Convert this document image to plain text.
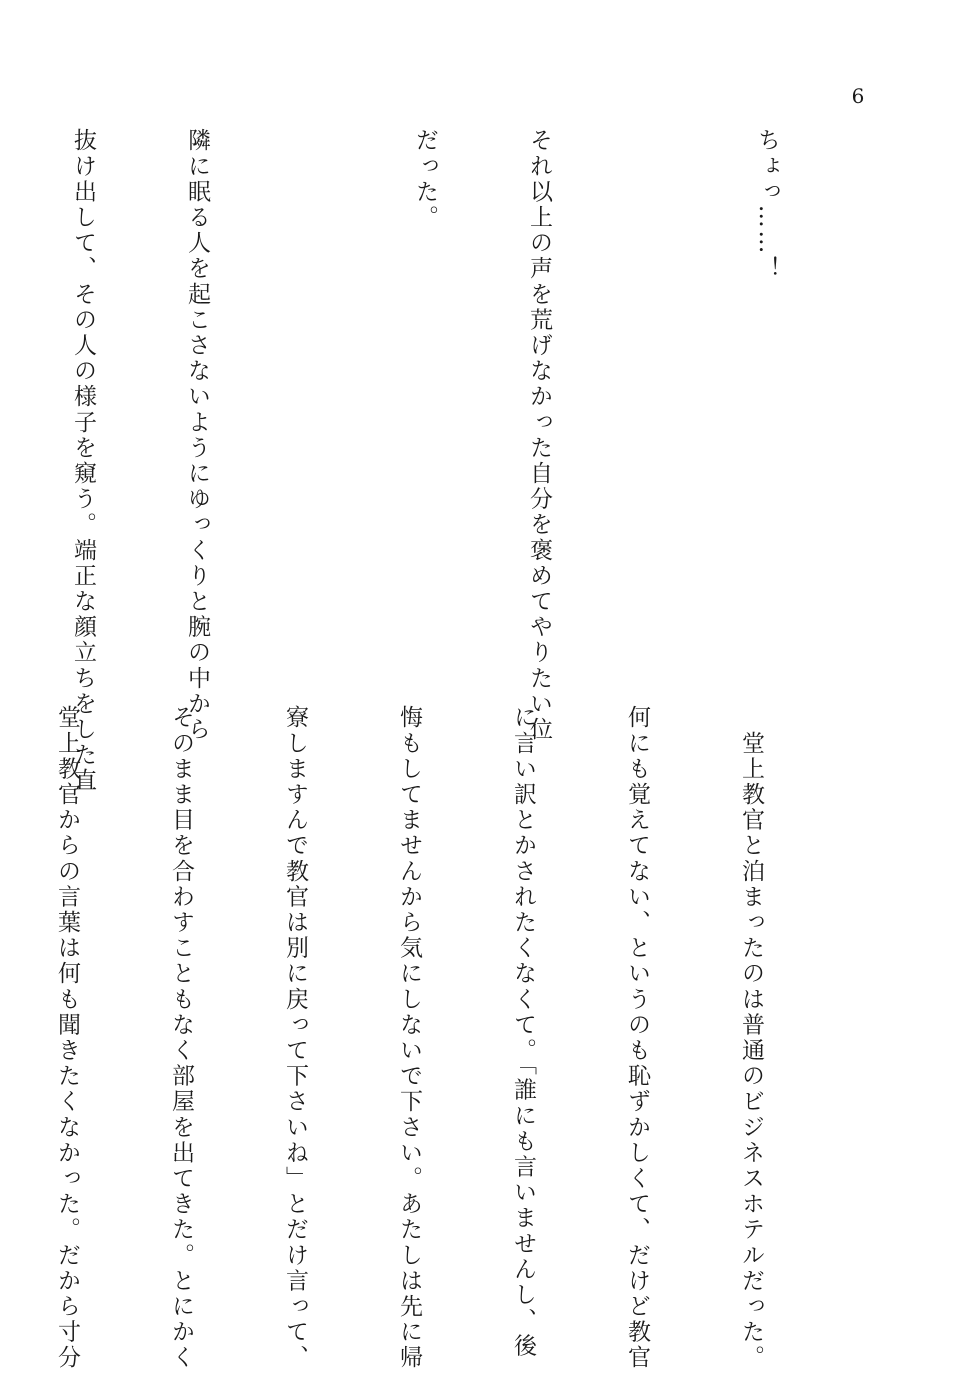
6

ちょっ……！

それ以上の声を荒げなかった自分を褒めてやりたい位

だった。

隣に眠る人を起こさないようにゆっくりと腕の中から

抜け出して、その人の様子を窺う。端正な顔立ちをした直

　堂上教官と泊まったのは普通のビジネスホテルだった。

何にも覚えてない、というのも恥ずかしくて、だけど教官

に言い訳とかされたくなくて。「誰にも言いませんし、後

悔もしてませんから気にしないで下さい。あたしは先に帰

寮しますんで教官は別に戻って下さいね」とだけ言って、

そのまま目を合わすこともなく部屋を出てきた。とにかく

堂上教官からの言葉は何も聞きたくなかった。だから寸分
